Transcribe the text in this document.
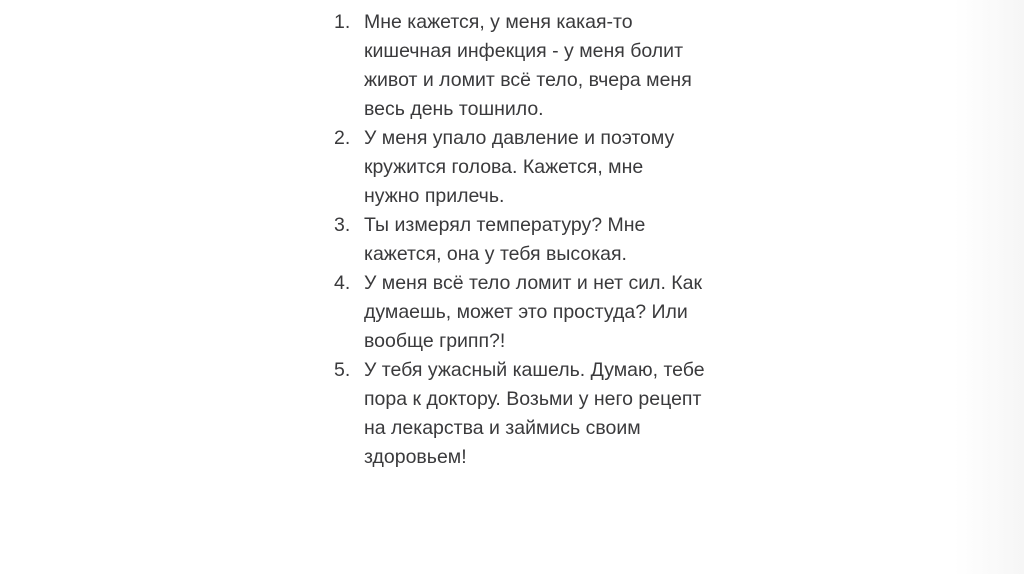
1. Мне кажется, у меня какая-то
кишечная инфекция - у меня болит
живот и ломит всё тело, вчера меня
весь день тошнило.
2. У меня упало давление и поэтому
кружится голова. Кажется, мне
нужно прилечь.
3. Ты измерял температуру? Мне
кажется, она у тебя высокая.
4. У меня всё тело ломит и нет сил. Как
думаешь, может это простуда? Или
вообще грипп?!
5. У тебя ужасный кашель. Думаю, тебе
пора к доктору. Возьми у него рецепт
на лекарства и займись своим
здоровьем!
